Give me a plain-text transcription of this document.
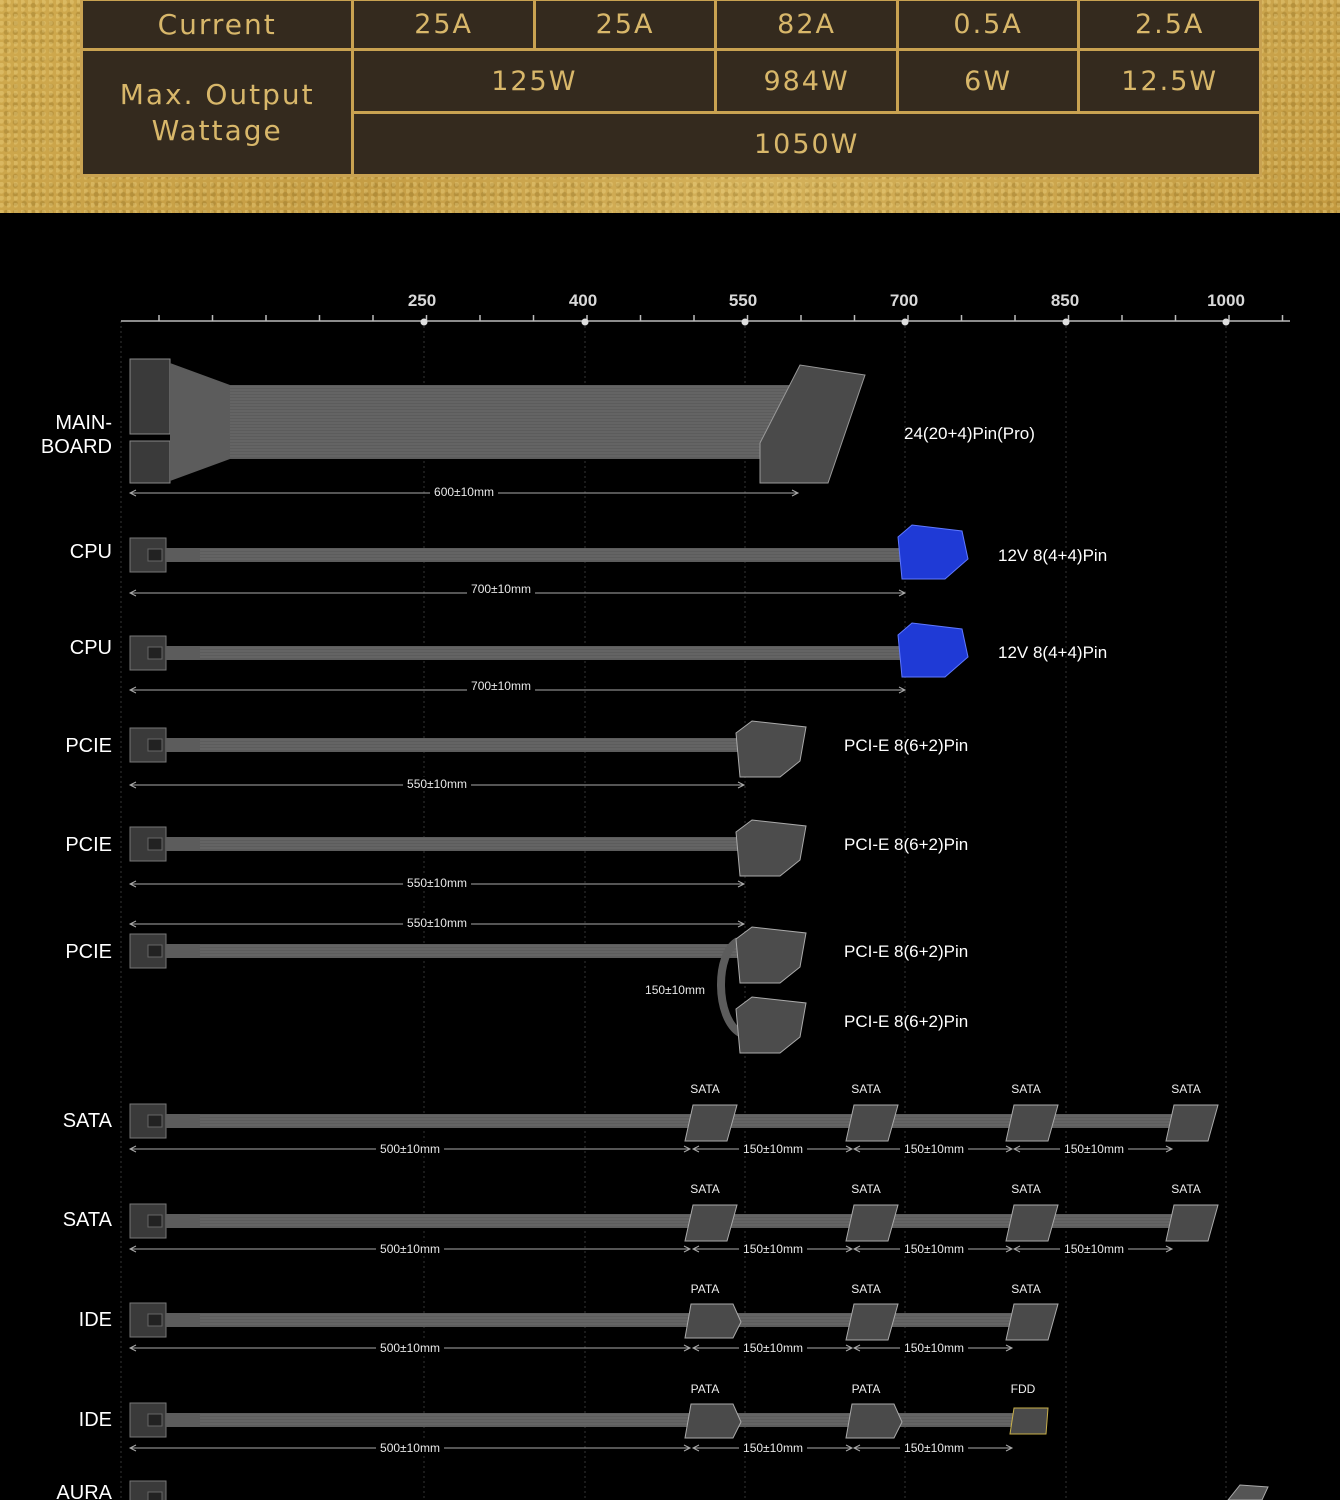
Current	25A	25A	82A	0.5A	2.5A
Max. Output Wattage	125W		984W	6W	12.5W
	1050W				
250	400	550	700	850	1000
MAIN-
BOARD
CPU
CPU
PCIE
PCIE
PCIE
SATA
SATA
IDE
IDE
AURA
24(20+4)Pin(Pro)
12V 8(4+4)Pin
12V 8(4+4)Pin
PCI-E 8(6+2)Pin
PCI-E 8(6+2)Pin
PCI-E 8(6+2)Pin
PCI-E 8(6+2)Pin
600±10mm
700±10mm
700±10mm
550±10mm
550±10mm
550±10mm
150±10mm
500±10mm	150±10mm	150±10mm	150±10mm
500±10mm	150±10mm	150±10mm	150±10mm
500±10mm	150±10mm	150±10mm
500±10mm	150±10mm	150±10mm
SATA	SATA	SATA	SATA
SATA	SATA	SATA	SATA
PATA	SATA	SATA
PATA	PATA	FDD
